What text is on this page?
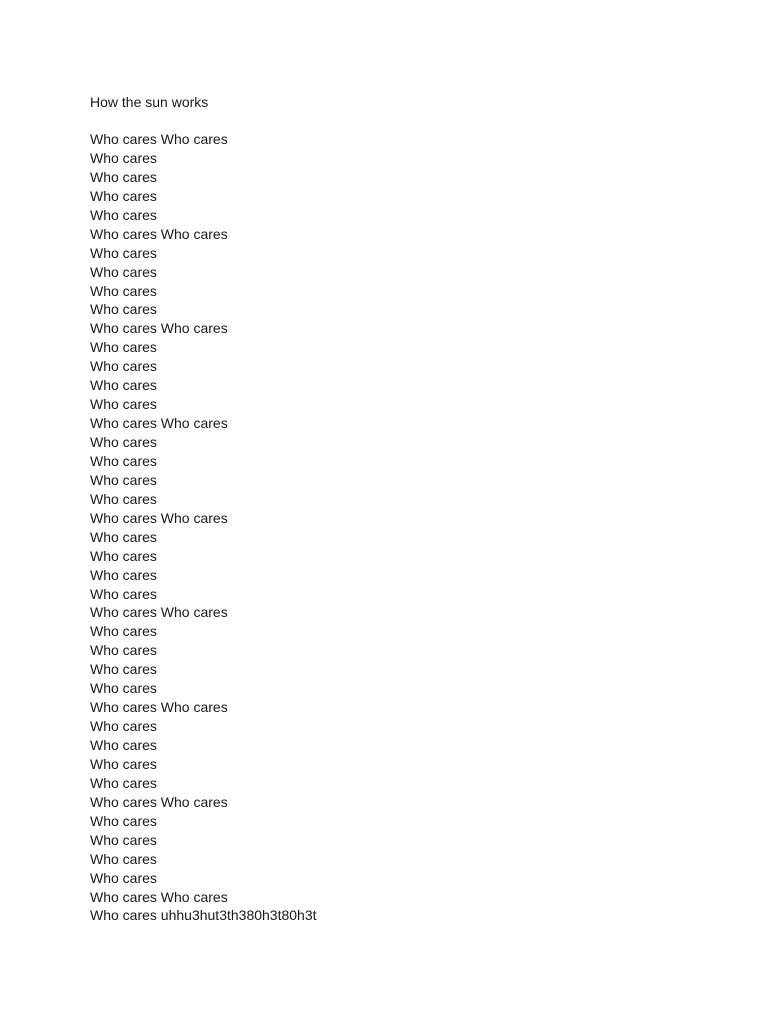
How the sun works
Who cares Who cares
Who cares
Who cares
Who cares
Who cares
Who cares Who cares
Who cares
Who cares
Who cares
Who cares
Who cares Who cares
Who cares
Who cares
Who cares
Who cares
Who cares Who cares
Who cares
Who cares
Who cares
Who cares
Who cares Who cares
Who cares
Who cares
Who cares
Who cares
Who cares Who cares
Who cares
Who cares
Who cares
Who cares
Who cares Who cares
Who cares
Who cares
Who cares
Who cares
Who cares Who cares
Who cares
Who cares
Who cares
Who cares
Who cares Who cares
Who cares uhhu3hut3th380h3t80h3t
